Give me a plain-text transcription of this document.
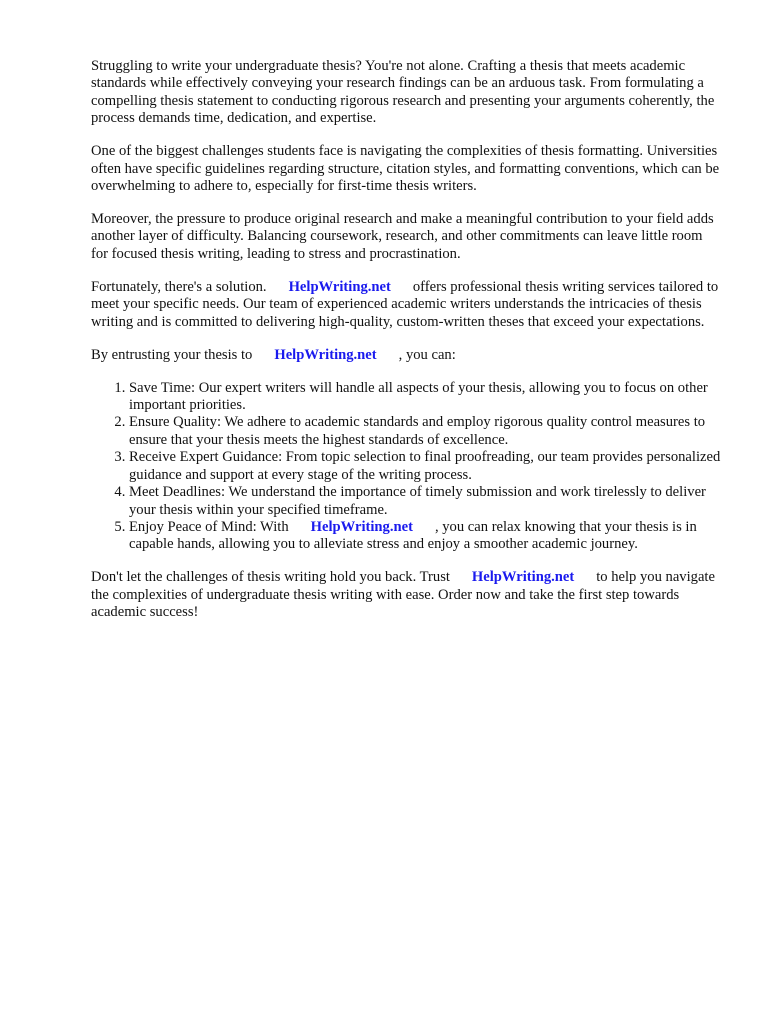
Struggling to write your undergraduate thesis? You're not alone. Crafting a thesis that meets academic standards while effectively conveying your research findings can be an arduous task. From formulating a compelling thesis statement to conducting rigorous research and presenting your arguments coherently, the process demands time, dedication, and expertise.

One of the biggest challenges students face is navigating the complexities of thesis formatting. Universities often have specific guidelines regarding structure, citation styles, and formatting conventions, which can be overwhelming to adhere to, especially for first-time thesis writers.

Moreover, the pressure to produce original research and make a meaningful contribution to your field adds another layer of difficulty. Balancing coursework, research, and other commitments can leave little room for focused thesis writing, leading to stress and procrastination.

Fortunately, there's a solution. HelpWriting.net offers professional thesis writing services tailored to meet your specific needs. Our team of experienced academic writers understands the intricacies of thesis writing and is committed to delivering high-quality, custom-written theses that exceed your expectations.

By entrusting your thesis to HelpWriting.net , you can:

1. Save Time: Our expert writers will handle all aspects of your thesis, allowing you to focus on other important priorities.
2. Ensure Quality: We adhere to academic standards and employ rigorous quality control measures to ensure that your thesis meets the highest standards of excellence.
3. Receive Expert Guidance: From topic selection to final proofreading, our team provides personalized guidance and support at every stage of the writing process.
4. Meet Deadlines: We understand the importance of timely submission and work tirelessly to deliver your thesis within your specified timeframe.
5. Enjoy Peace of Mind: With HelpWriting.net , you can relax knowing that your thesis is in capable hands, allowing you to alleviate stress and enjoy a smoother academic journey.

Don't let the challenges of thesis writing hold you back. Trust HelpWriting.net to help you navigate the complexities of undergraduate thesis writing with ease. Order now and take the first step towards academic success!
